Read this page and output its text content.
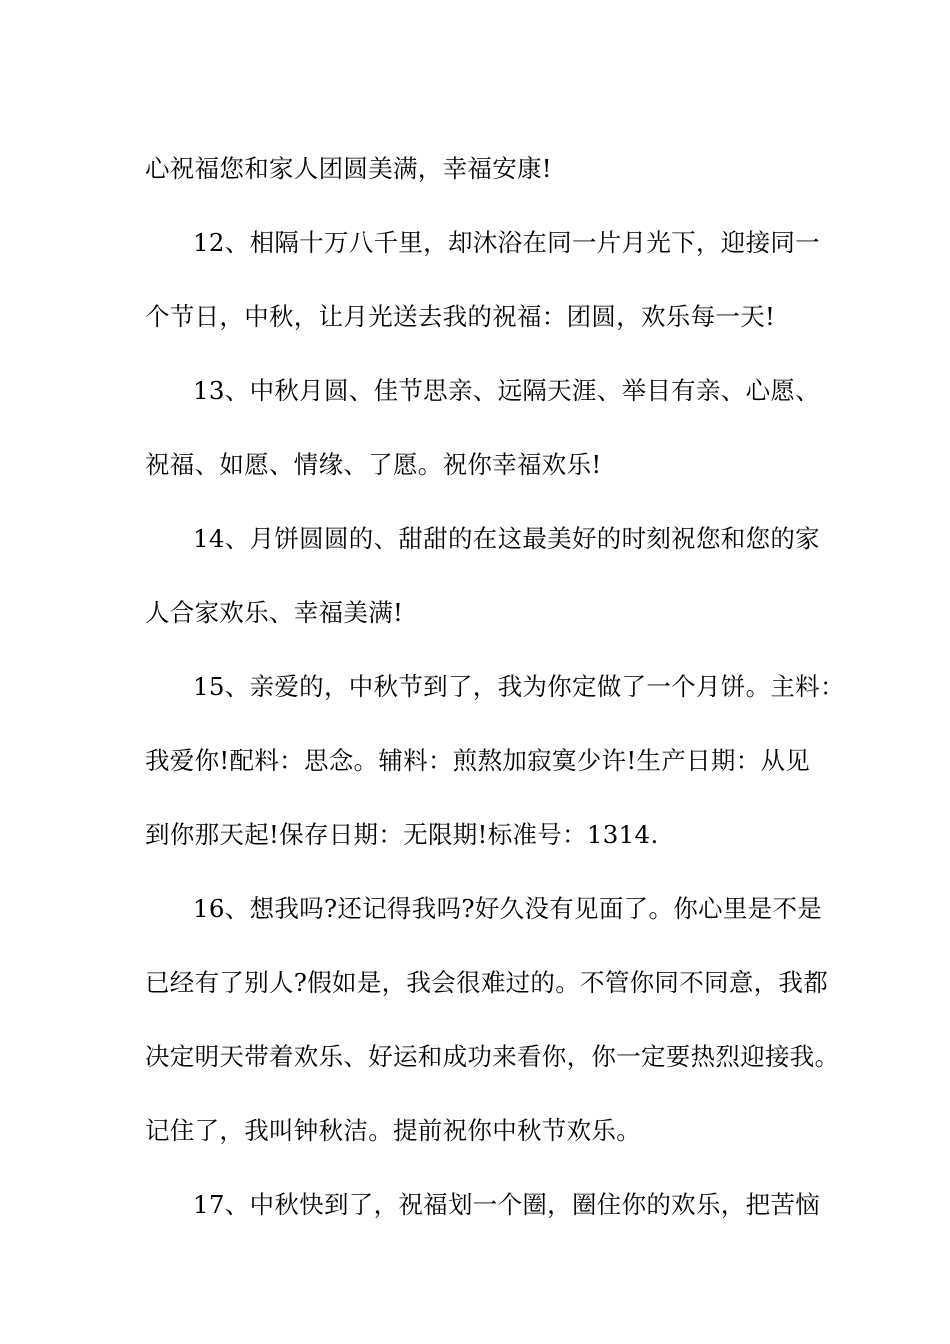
心祝福您和家人团圆美满，幸福安康!
12、相隔十万八千里，却沐浴在同一片月光下，迎接同一
个节日，中秋，让月光送去我的祝福：团圆，欢乐每一天!
13、中秋月圆、佳节思亲、远隔天涯、举目有亲、心愿、
祝福、如愿、情缘、了愿。祝你幸福欢乐!
14、月饼圆圆的、甜甜的在这最美好的时刻祝您和您的家
人合家欢乐、幸福美满!
15、亲爱的，中秋节到了，我为你定做了一个月饼。主料：
我爱你!配料：思念。辅料：煎熬加寂寞少许!生产日期：从见
到你那天起!保存日期：无限期!标准号：1314.
16、想我吗?还记得我吗?好久没有见面了。你心里是不是
已经有了别人?假如是，我会很难过的。不管你同不同意，我都
决定明天带着欢乐、好运和成功来看你，你一定要热烈迎接我。
记住了，我叫钟秋洁。提前祝你中秋节欢乐。
17、中秋快到了，祝福划一个圈，圈住你的欢乐，把苦恼
